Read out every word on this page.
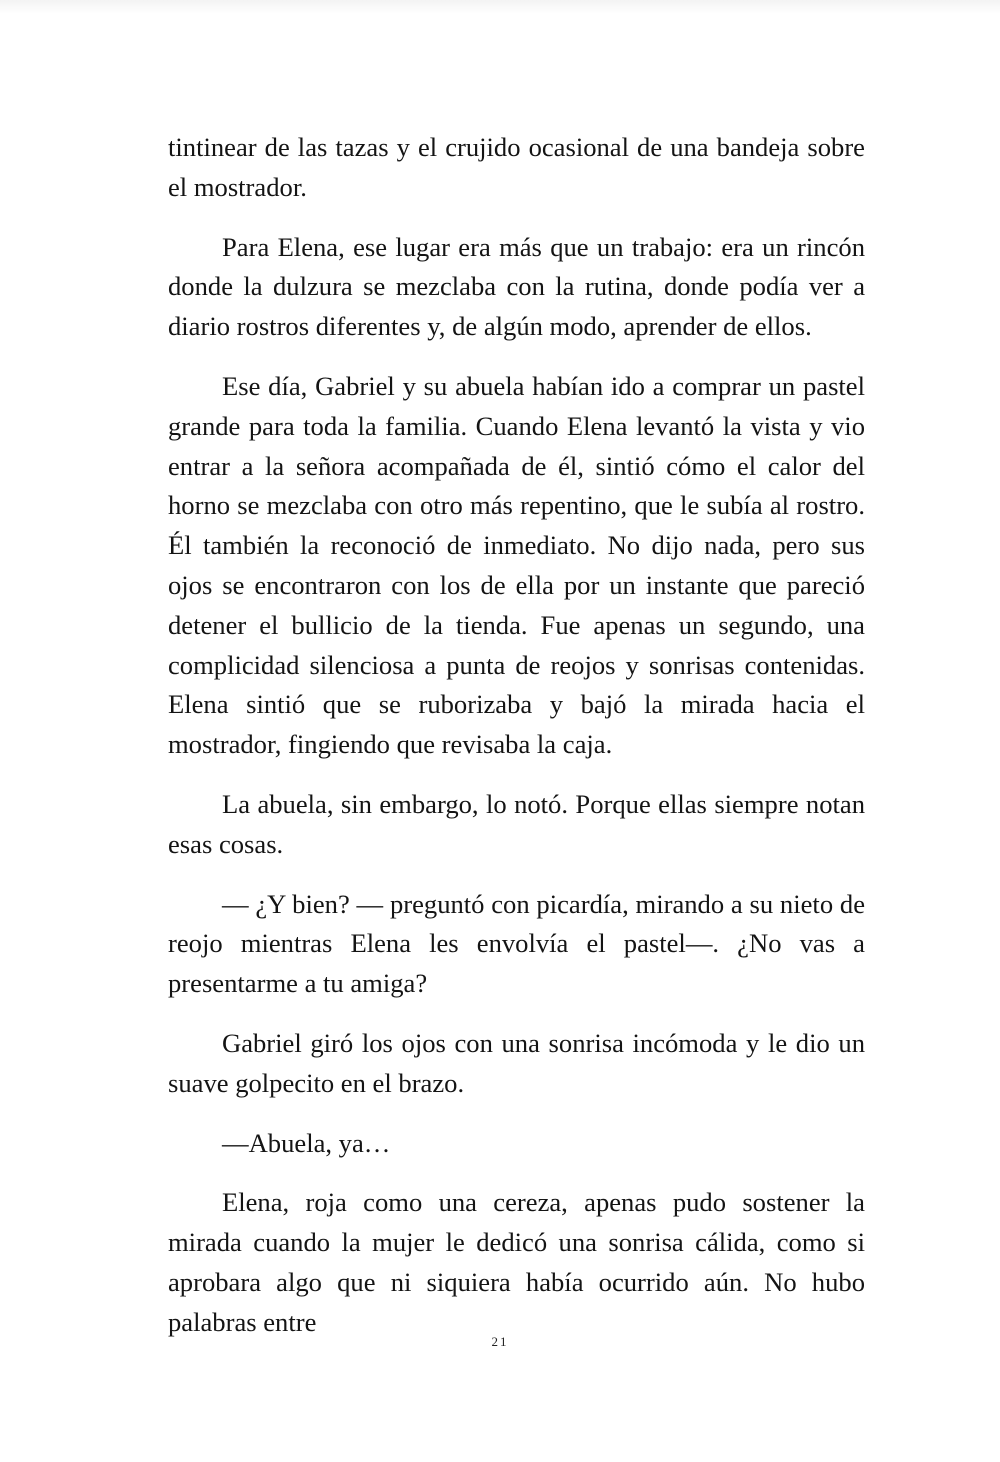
tintinear de las tazas y el crujido ocasional de una bandeja sobre el mostrador.

Para Elena, ese lugar era más que un trabajo: era un rincón donde la dulzura se mezclaba con la rutina, donde podía ver a diario rostros diferentes y, de algún modo, aprender de ellos.

Ese día, Gabriel y su abuela habían ido a comprar un pastel grande para toda la familia. Cuando Elena levantó la vista y vio entrar a la señora acompañada de él, sintió cómo el calor del horno se mezclaba con otro más repentino, que le subía al rostro. Él también la reconoció de inmediato. No dijo nada, pero sus ojos se encontraron con los de ella por un instante que pareció detener el bullicio de la tienda. Fue apenas un segundo, una complicidad silenciosa a punta de reojos y sonrisas contenidas. Elena sintió que se ruborizaba y bajó la mirada hacia el mostrador, fingiendo que revisaba la caja.

La abuela, sin embargo, lo notó. Porque ellas siempre notan esas cosas.

— ¿Y bien? — preguntó con picardía, mirando a su nieto de reojo mientras Elena les envolvía el pastel—. ¿No vas a presentarme a tu amiga?

Gabriel giró los ojos con una sonrisa incómoda y le dio un suave golpecito en el brazo.

—Abuela, ya…

Elena, roja como una cereza, apenas pudo sostener la mirada cuando la mujer le dedicó una sonrisa cálida, como si aprobara algo que ni siquiera había ocurrido aún. No hubo palabras entre

21
